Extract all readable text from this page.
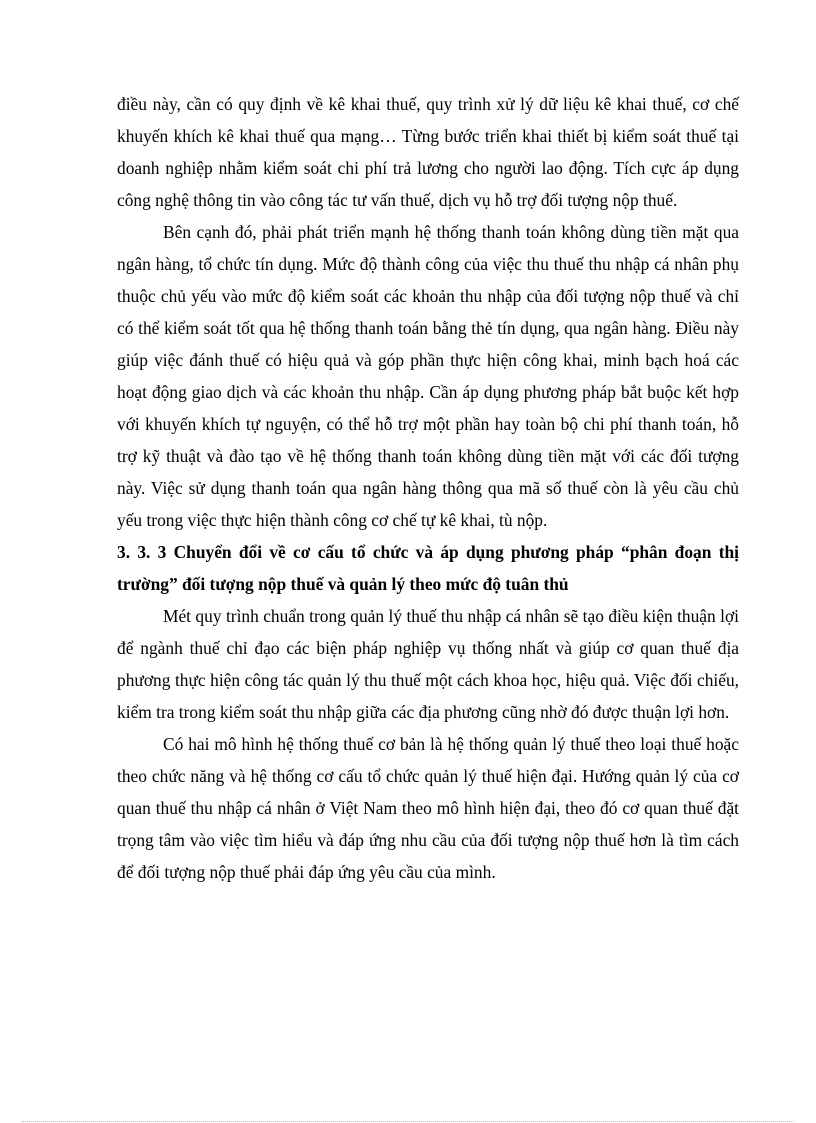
điều này, cần có quy định về kê khai thuế, quy trình xử lý dữ liệu kê khai thuế, cơ chế khuyến khích kê khai thuế qua mạng… Từng bước triển khai thiết bị kiểm soát thuế tại doanh nghiệp nhằm kiểm soát chi phí trả lương cho người lao động. Tích cực áp dụng công nghệ thông tin vào công tác tư vấn thuế, dịch vụ hỗ trợ đối tượng nộp thuế.

Bên cạnh đó, phải phát triển mạnh hệ thống thanh toán không dùng tiền mặt qua ngân hàng, tổ chức tín dụng. Mức độ thành công của việc thu thuế thu nhập cá nhân phụ thuộc chủ yếu vào mức độ kiểm soát các khoản thu nhập của đối tượng nộp thuế và chỉ có thể kiểm soát tốt qua hệ thống thanh toán bằng thẻ tín dụng, qua ngân hàng. Điều này giúp việc đánh thuế có hiệu quả và góp phần thực hiện công khai, minh bạch hoá các hoạt động giao dịch và các khoản thu nhập. Cần áp dụng phương pháp bắt buộc kết hợp với khuyến khích tự nguyện, có thể hỗ trợ một phần hay toàn bộ chi phí thanh toán, hỗ trợ kỹ thuật và đào tạo về hệ thống thanh toán không dùng tiền mặt với các đối tượng này. Việc sử dụng thanh toán qua ngân hàng thông qua mã số thuế còn là yêu cầu chủ yếu trong việc thực hiện thành công cơ chế tự kê khai, tù nộp.

3. 3. 3 Chuyển đổi về cơ cấu tổ chức và áp dụng phương pháp “phân đoạn thị trường” đối tượng nộp thuế và quản lý theo mức độ tuân thủ

Mét quy trình chuẩn trong quản lý thuế thu nhập cá nhân sẽ tạo điều kiện thuận lợi để ngành thuế chỉ đạo các biện pháp nghiệp vụ thống nhất và giúp cơ quan thuế địa phương thực hiện công tác quản lý thu thuế một cách khoa học, hiệu quả. Việc đối chiếu, kiểm tra trong kiểm soát thu nhập giữa các địa phương cũng nhờ đó được thuận lợi hơn.

Có hai mô hình hệ thống thuế cơ bản là hệ thống quản lý thuế theo loại thuế hoặc theo chức năng và hệ thống cơ cấu tổ chức quản lý thuế hiện đại. Hướng quản lý của cơ quan thuế thu nhập cá nhân ở Việt Nam theo mô hình hiện đại, theo đó cơ quan thuế đặt trọng tâm vào việc tìm hiểu và đáp ứng nhu cầu của đối tượng nộp thuế hơn là tìm cách để đối tượng nộp thuế phải đáp ứng yêu cầu của mình.
